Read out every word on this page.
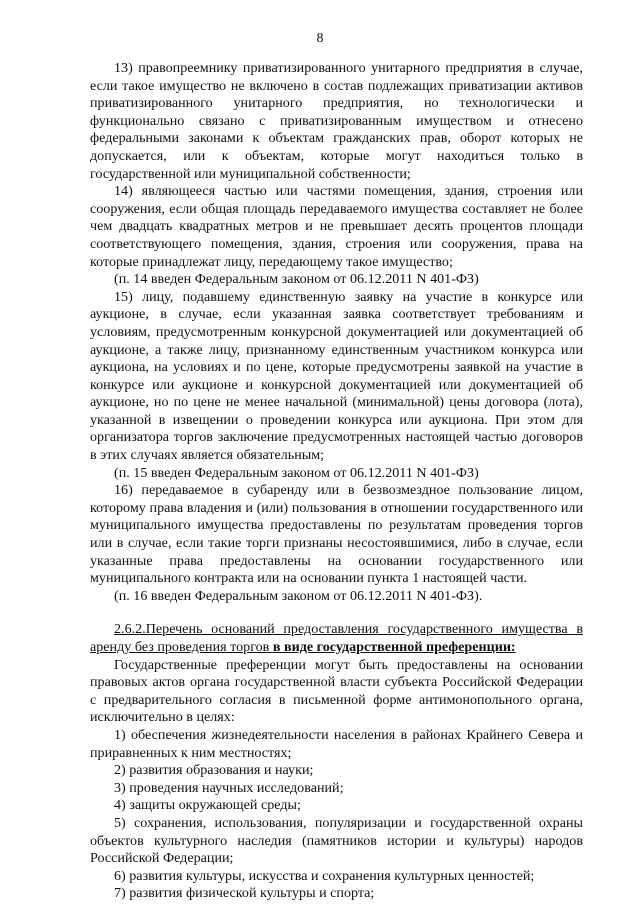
8

13) правопреемнику приватизированного унитарного предприятия в случае, если такое имущество не включено в состав подлежащих приватизации активов приватизированного унитарного предприятия, но технологически и функционально связано с приватизированным имуществом и отнесено федеральными законами к объектам гражданских прав, оборот которых не допускается, или к объектам, которые могут находиться только в государственной или муниципальной собственности;

14) являющееся частью или частями помещения, здания, строения или сооружения, если общая площадь передаваемого имущества составляет не более чем двадцать квадратных метров и не превышает десять процентов площади соответствующего помещения, здания, строения или сооружения, права на которые принадлежат лицу, передающему такое имущество;

(п. 14 введен Федеральным законом от 06.12.2011 N 401-ФЗ)

15) лицу, подавшему единственную заявку на участие в конкурсе или аукционе, в случае, если указанная заявка соответствует требованиям и условиям, предусмотренным конкурсной документацией или документацией об аукционе, а также лицу, признанному единственным участником конкурса или аукциона, на условиях и по цене, которые предусмотрены заявкой на участие в конкурсе или аукционе и конкурсной документацией или документацией об аукционе, но по цене не менее начальной (минимальной) цены договора (лота), указанной в извещении о проведении конкурса или аукциона. При этом для организатора торгов заключение предусмотренных настоящей частью договоров в этих случаях является обязательным;

(п. 15 введен Федеральным законом от 06.12.2011 N 401-ФЗ)

16) передаваемое в субаренду или в безвозмездное пользование лицом, которому права владения и (или) пользования в отношении государственного или муниципального имущества предоставлены по результатам проведения торгов или в случае, если такие торги признаны несостоявшимися, либо в случае, если указанные права предоставлены на основании государственного или муниципального контракта или на основании пункта 1 настоящей части.

(п. 16 введен Федеральным законом от 06.12.2011 N 401-ФЗ).

2.6.2.Перечень оснований предоставления государственного имущества в аренду без проведения торгов в виде государственной преференции:

Государственные преференции могут быть предоставлены на основании правовых актов органа государственной власти субъекта Российской Федерации с предварительного согласия в письменной форме антимонопольного органа, исключительно в целях:

1) обеспечения жизнедеятельности населения в районах Крайнего Севера и приравненных к ним местностях;

2) развития образования и науки;

3) проведения научных исследований;

4) защиты окружающей среды;

5) сохранения, использования, популяризации и государственной охраны объектов культурного наследия (памятников истории и культуры) народов Российской Федерации;

6) развития культуры, искусства и сохранения культурных ценностей;

7) развития физической культуры и спорта;
